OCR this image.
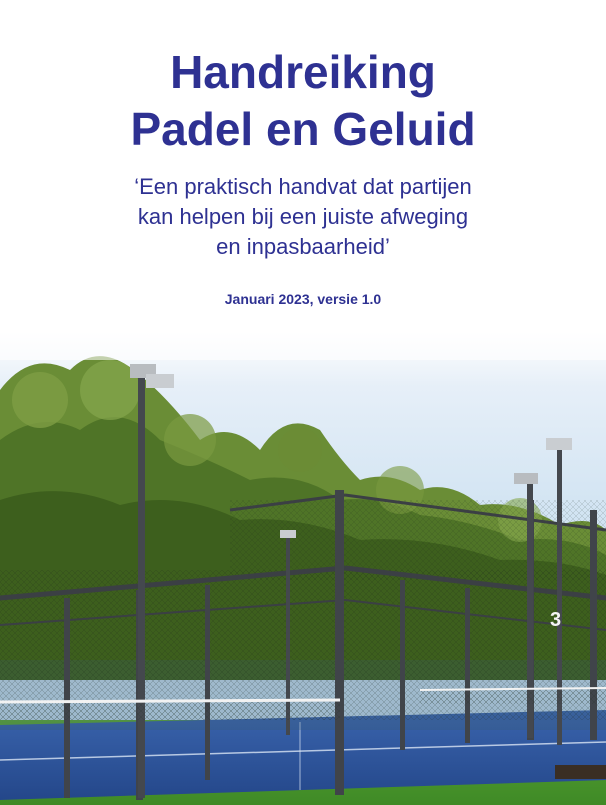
Handreiking
Padel en Geluid

‘Een praktisch handvat dat partijen

kan helpen bij een juiste afweging

en inpasbaarheid’

Januari 2023, versie 1.0
3
